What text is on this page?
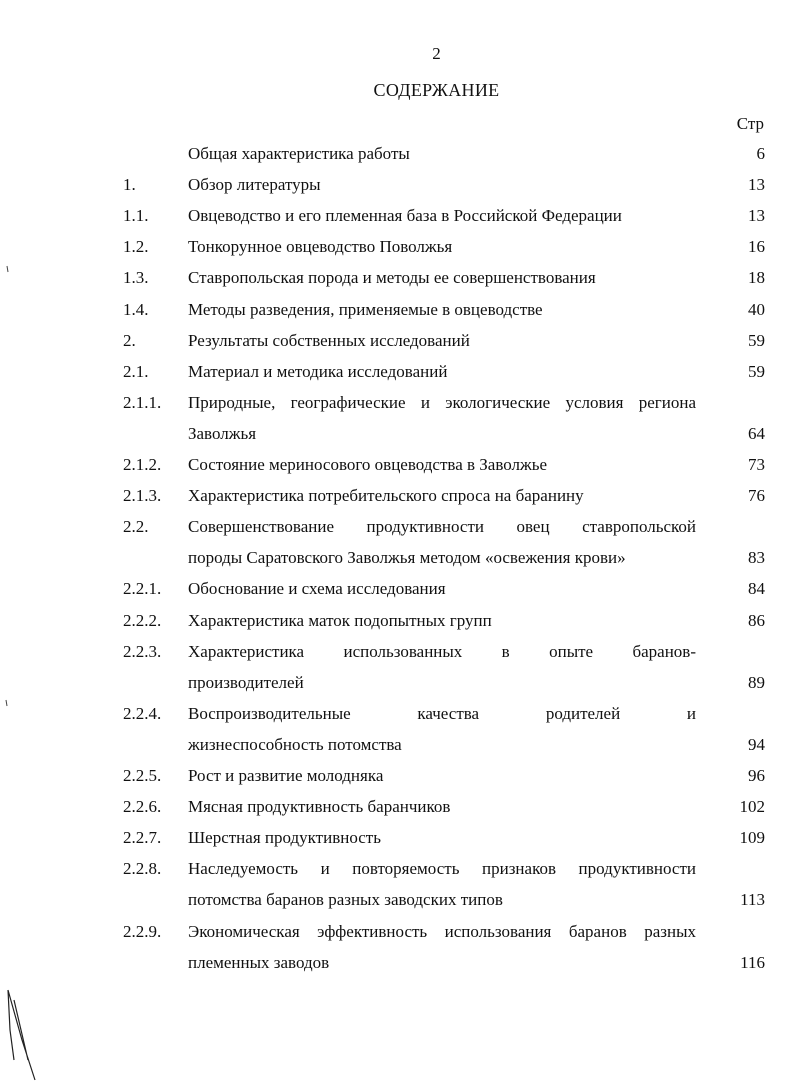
2
СОДЕРЖАНИЕ
Стр
Общая характеристика работы	6
1.	Обзор литературы	13
1.1. Овцеводство и его племенная база в Российской Федерации	13
1.2. Тонкорунное овцеводство Поволжья	16
1.3. Ставропольская порода и методы ее совершенствования	18
1.4. Методы разведения, применяемые в овцеводстве	40
2.	Результаты собственных исследований	59
2.1. Материал и методика исследований	59
2.1.1. Природные, географические и экологические условия региона
Заволжья	64
2.1.2. Состояние мериносового овцеводства в Заволжье	73
2.1.3. Характеристика потребительского спроса на баранину	76
2.2. Совершенствование продуктивности овец ставропольской
породы Саратовского Заволжья методом «освежения крови»	83
2.2.1. Обоснование и схема исследования	84
2.2.2. Характеристика маток подопытных групп	86
2.2.3. Характеристика использованных в опыте баранов-
производителей	89
2.2.4. Воспроизводительные качества родителей и
жизнеспособность потомства	94
2.2.5. Рост и развитие молодняка	96
2.2.6. Мясная продуктивность баранчиков	102
2.2.7. Шерстная продуктивность	109
2.2.8. Наследуемость и повторяемость признаков продуктивности
потомства баранов разных заводских типов	113
2.2.9. Экономическая эффективность использования баранов разных
племенных заводов	116
